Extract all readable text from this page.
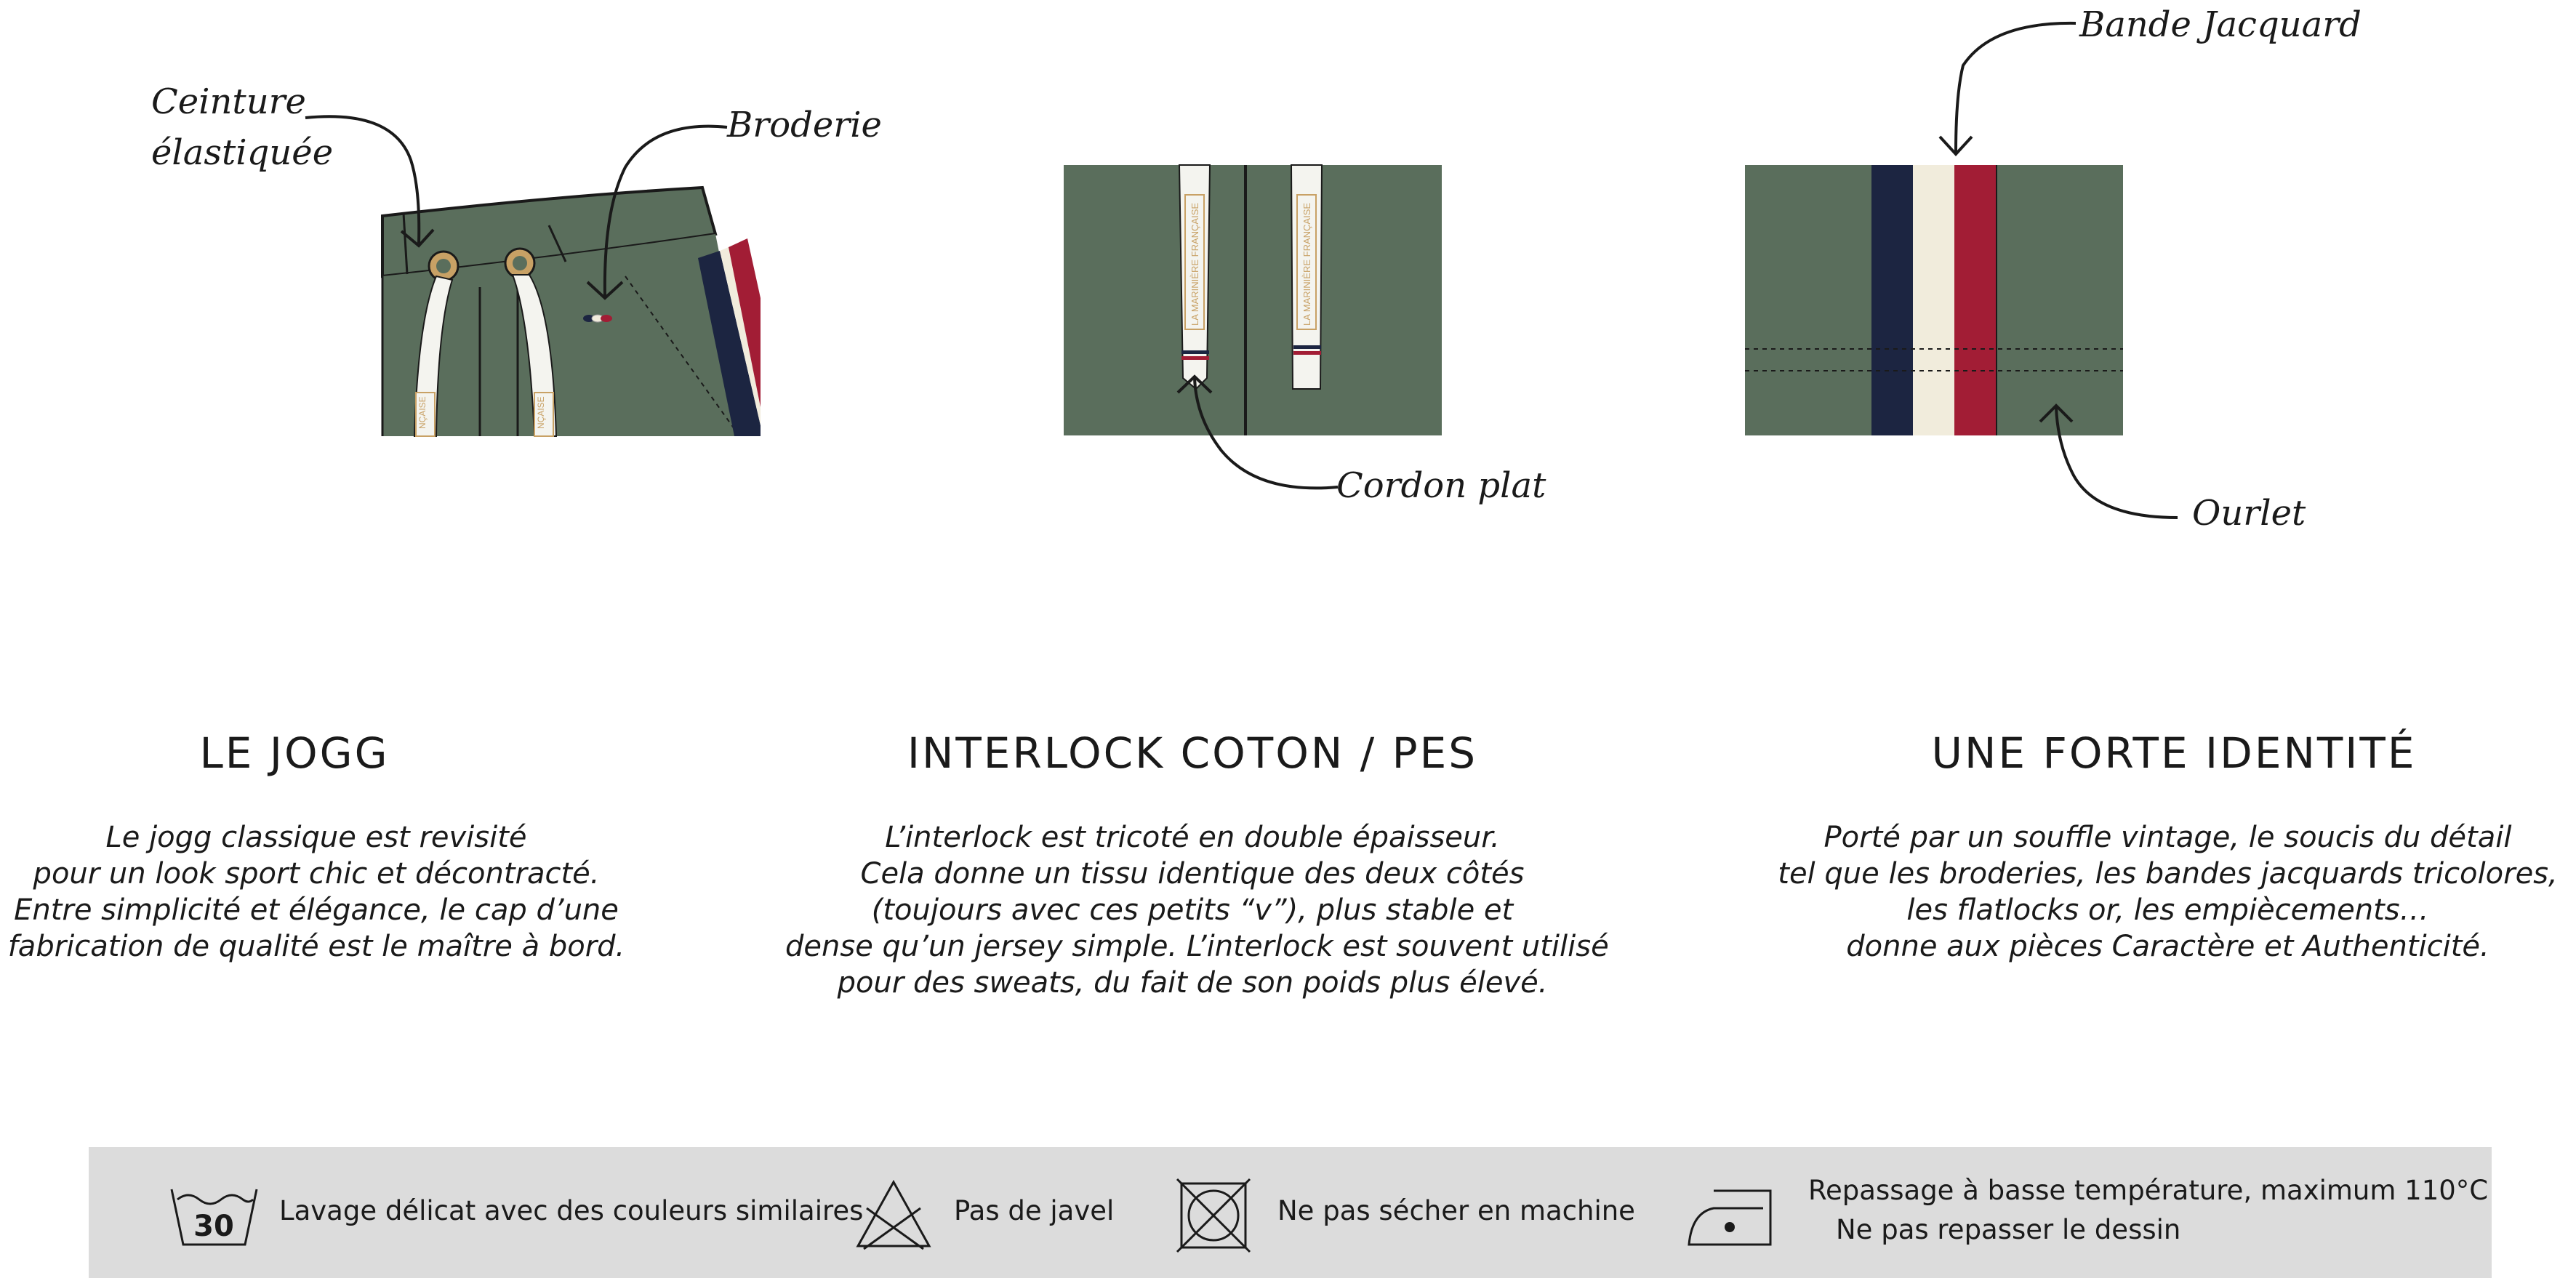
NÇAISE	NÇAISE
LA MARINIÈRE FRANÇAISE	LA MARINIÈRE FRANÇAISE
Ceinture
élastiquée
Broderie
Cordon plat
Bande Jacquard
Ourlet
LE JOGG
Le jogg classique est revisité
pour un look sport chic et décontracté.
Entre simplicité et élégance, le cap d’une
fabrication de qualité est le maître à bord.
INTERLOCK COTON / PES
L’interlock est tricoté en double épaisseur.
Cela donne un tissu identique des deux côtés
(toujours avec ces petits “v”), plus stable et
dense qu’un jersey simple. L’interlock est souvent utilisé
pour des sweats, du fait de son poids plus élevé.
UNE FORTE IDENTITÉ
Porté par un souffle vintage, le soucis du détail
tel que les broderies, les bandes jacquards tricolores,
les flatlocks or, les empiècements…
donne aux pièces Caractère et Authenticité.
30 Lavage délicat avec des couleurs similaires	Pas de javel	Ne pas sécher en machine
Repassage à basse température, maximum 110°C
Ne pas repasser le dessin
